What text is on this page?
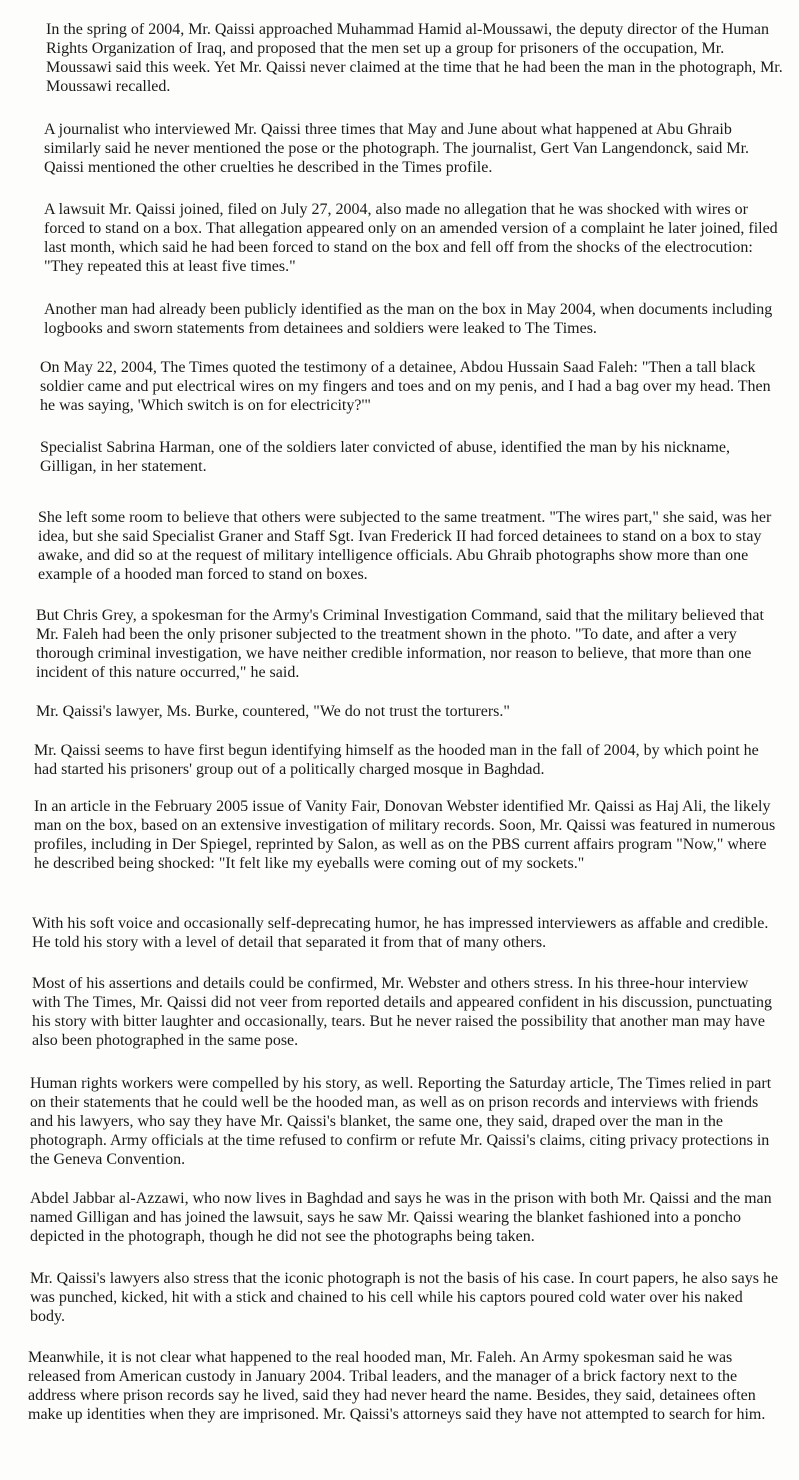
In the spring of 2004, Mr. Qaissi approached Muhammad Hamid al-Moussawi, the deputy director of the Human Rights Organization of Iraq, and proposed that the men set up a group for prisoners of the occupation, Mr. Moussawi said this week. Yet Mr. Qaissi never claimed at the time that he had been the man in the photograph, Mr. Moussawi recalled.

A journalist who interviewed Mr. Qaissi three times that May and June about what happened at Abu Ghraib similarly said he never mentioned the pose or the photograph. The journalist, Gert Van Langendonck, said Mr. Qaissi mentioned the other cruelties he described in the Times profile.

A lawsuit Mr. Qaissi joined, filed on July 27, 2004, also made no allegation that he was shocked with wires or forced to stand on a box. That allegation appeared only on an amended version of a complaint he later joined, filed last month, which said he had been forced to stand on the box and fell off from the shocks of the electrocution: "They repeated this at least five times."

Another man had already been publicly identified as the man on the box in May 2004, when documents including logbooks and sworn statements from detainees and soldiers were leaked to The Times.

On May 22, 2004, The Times quoted the testimony of a detainee, Abdou Hussain Saad Faleh: "Then a tall black soldier came and put electrical wires on my fingers and toes and on my penis, and I had a bag over my head. Then he was saying, 'Which switch is on for electricity?'"

Specialist Sabrina Harman, one of the soldiers later convicted of abuse, identified the man by his nickname, Gilligan, in her statement.

She left some room to believe that others were subjected to the same treatment. "The wires part," she said, was her idea, but she said Specialist Graner and Staff Sgt. Ivan Frederick II had forced detainees to stand on a box to stay awake, and did so at the request of military intelligence officials. Abu Ghraib photographs show more than one example of a hooded man forced to stand on boxes.

But Chris Grey, a spokesman for the Army's Criminal Investigation Command, said that the military believed that Mr. Faleh had been the only prisoner subjected to the treatment shown in the photo. "To date, and after a very thorough criminal investigation, we have neither credible information, nor reason to believe, that more than one incident of this nature occurred," he said.

Mr. Qaissi's lawyer, Ms. Burke, countered, "We do not trust the torturers."

Mr. Qaissi seems to have first begun identifying himself as the hooded man in the fall of 2004, by which point he had started his prisoners' group out of a politically charged mosque in Baghdad.

In an article in the February 2005 issue of Vanity Fair, Donovan Webster identified Mr. Qaissi as Haj Ali, the likely man on the box, based on an extensive investigation of military records. Soon, Mr. Qaissi was featured in numerous profiles, including in Der Spiegel, reprinted by Salon, as well as on the PBS current affairs program "Now," where he described being shocked: "It felt like my eyeballs were coming out of my sockets."

With his soft voice and occasionally self-deprecating humor, he has impressed interviewers as affable and credible. He told his story with a level of detail that separated it from that of many others.

Most of his assertions and details could be confirmed, Mr. Webster and others stress. In his three-hour interview with The Times, Mr. Qaissi did not veer from reported details and appeared confident in his discussion, punctuating his story with bitter laughter and occasionally, tears. But he never raised the possibility that another man may have also been photographed in the same pose.

Human rights workers were compelled by his story, as well. Reporting the Saturday article, The Times relied in part on their statements that he could well be the hooded man, as well as on prison records and interviews with friends and his lawyers, who say they have Mr. Qaissi's blanket, the same one, they said, draped over the man in the photograph. Army officials at the time refused to confirm or refute Mr. Qaissi's claims, citing privacy protections in the Geneva Convention.

Abdel Jabbar al-Azzawi, who now lives in Baghdad and says he was in the prison with both Mr. Qaissi and the man named Gilligan and has joined the lawsuit, says he saw Mr. Qaissi wearing the blanket fashioned into a poncho depicted in the photograph, though he did not see the photographs being taken.

Mr. Qaissi's lawyers also stress that the iconic photograph is not the basis of his case. In court papers, he also says he was punched, kicked, hit with a stick and chained to his cell while his captors poured cold water over his naked body.

Meanwhile, it is not clear what happened to the real hooded man, Mr. Faleh. An Army spokesman said he was released from American custody in January 2004. Tribal leaders, and the manager of a brick factory next to the address where prison records say he lived, said they had never heard the name. Besides, they said, detainees often make up identities when they are imprisoned. Mr. Qaissi's attorneys said they have not attempted to search for him.
